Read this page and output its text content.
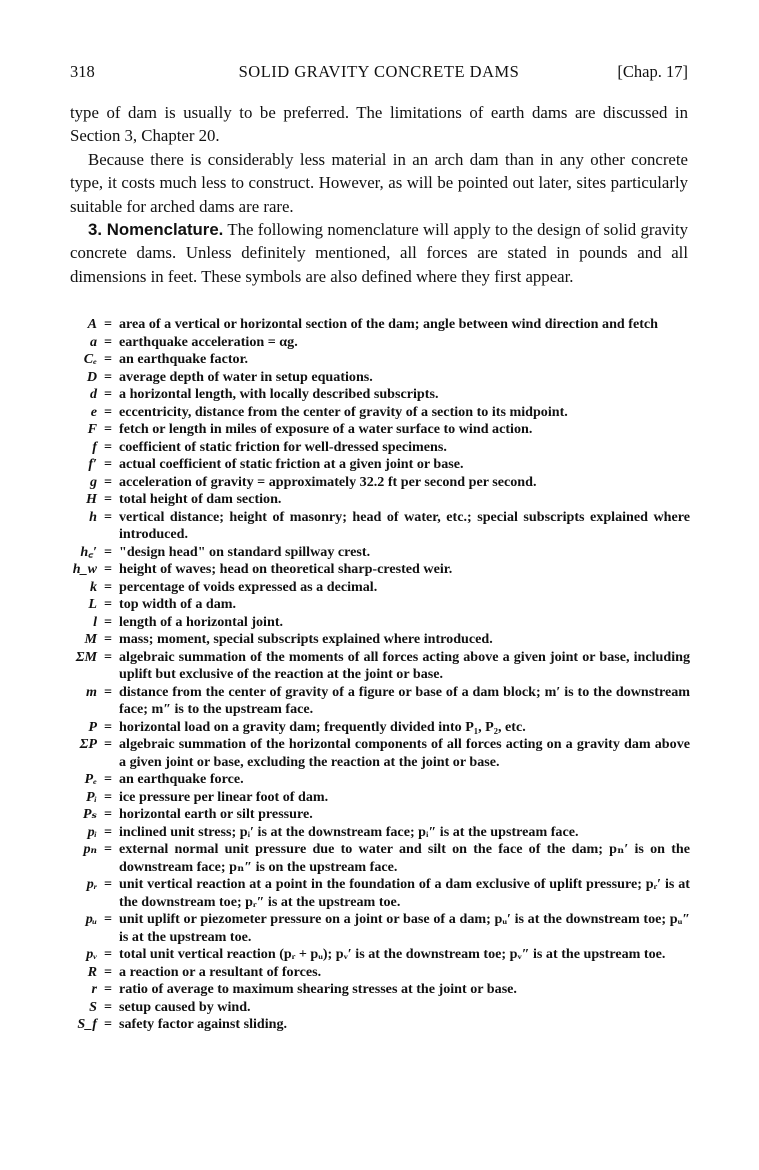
318	SOLID GRAVITY CONCRETE DAMS	[Chap. 17]

type of dam is usually to be preferred. The limitations of earth dams are discussed in Section 3, Chapter 20.

Because there is considerably less material in an arch dam than in any other concrete type, it costs much less to construct. However, as will be pointed out later, sites particularly suitable for arched dams are rare.

3. Nomenclature. The following nomenclature will apply to the design of solid gravity concrete dams. Unless definitely mentioned, all forces are stated in pounds and all dimensions in feet. These symbols are also defined where they first appear.

A = area of a vertical or horizontal section of the dam; angle between wind direction and fetch
a = earthquake acceleration = αg.
Cₑ = an earthquake factor.
D = average depth of water in setup equations.
d = a horizontal length, with locally described subscripts.
e = eccentricity, distance from the center of gravity of a section to its midpoint.
F = fetch or length in miles of exposure of a water surface to wind action.
f = coefficient of static friction for well-dressed specimens.
f′ = actual coefficient of static friction at a given joint or base.
g = acceleration of gravity = approximately 32.2 ft per second per second.
H = total height of dam section.
h = vertical distance; height of masonry; head of water, etc.; special subscripts explained where introduced.
h꜀′ = "design head" on standard spillway crest.
h_w = height of waves; head on theoretical sharp-crested weir.
k = percentage of voids expressed as a decimal.
L = top width of a dam.
l = length of a horizontal joint.
M = mass; moment, special subscripts explained where introduced.
ΣM = algebraic summation of the moments of all forces acting above a given joint or base, including uplift but exclusive of the reaction at the joint or base.
m = distance from the center of gravity of a figure or base of a dam block; m′ is to the downstream face; m″ is to the upstream face.
P = horizontal load on a gravity dam; frequently divided into P₁, P₂, etc.
ΣP = algebraic summation of the horizontal components of all forces acting on a gravity dam above a given joint or base, excluding the reaction at the joint or base.
Pₑ = an earthquake force.
Pᵢ = ice pressure per linear foot of dam.
Pₛ = horizontal earth or silt pressure.
pᵢ = inclined unit stress; pᵢ′ is at the downstream face; pᵢ″ is at the upstream face.
pₙ = external normal unit pressure due to water and silt on the face of the dam; pₙ′ is on the downstream face; pₙ″ is on the upstream face.
pᵣ = unit vertical reaction at a point in the foundation of a dam exclusive of uplift pressure; pᵣ′ is at the downstream toe; pᵣ″ is at the upstream toe.
pᵤ = unit uplift or piezometer pressure on a joint or base of a dam; pᵤ′ is at the downstream toe; pᵤ″ is at the upstream toe.
pᵥ = total unit vertical reaction (pᵣ + pᵤ); pᵥ′ is at the downstream toe; pᵥ″ is at the upstream toe.
R = a reaction or a resultant of forces.
r = ratio of average to maximum shearing stresses at the joint or base.
S = setup caused by wind.
S_f = safety factor against sliding.
